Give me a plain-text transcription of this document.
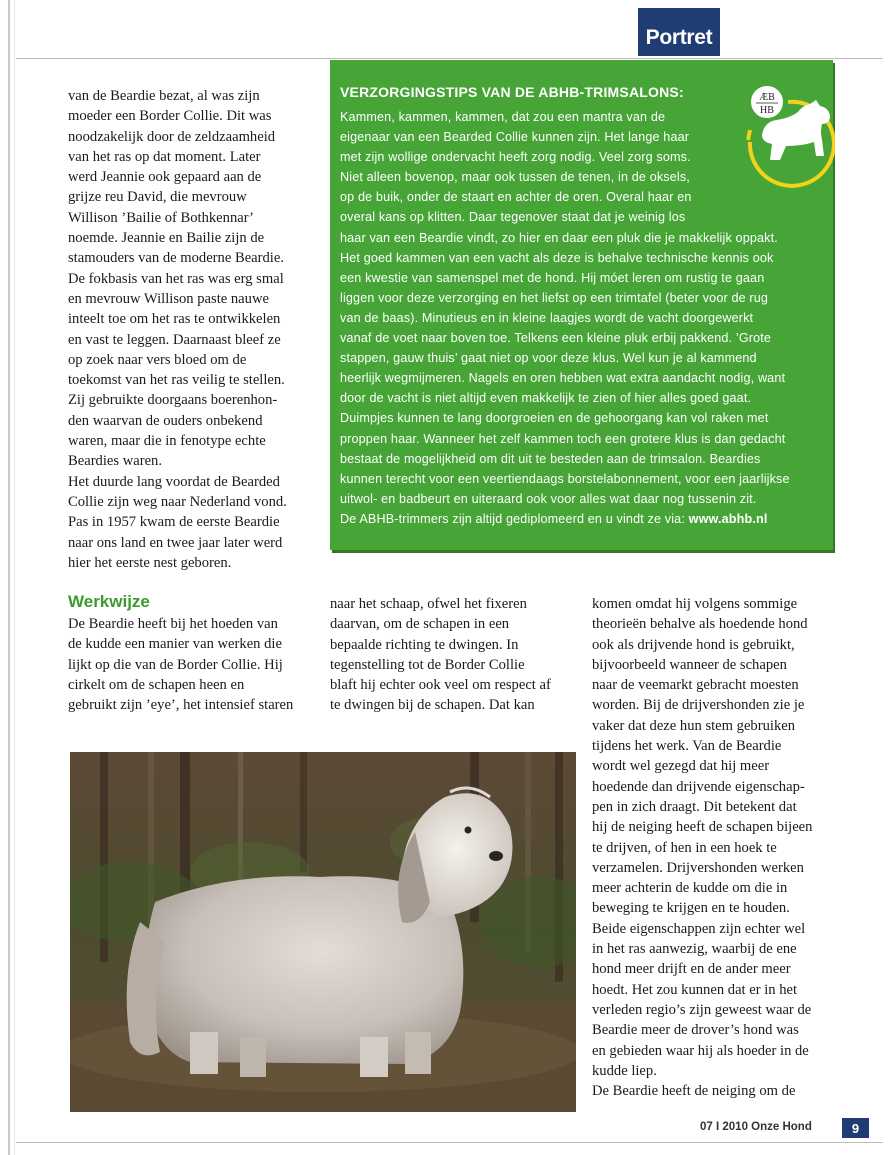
Portret
van de Beardie bezat, al was zijn
moeder een Border Collie. Dit was
noodzakelijk door de zeldzaamheid
van het ras op dat moment. Later
werd Jeannie ook gepaard aan de
grijze reu David, die mevrouw
Willison ’Bailie of Bothkennar’
noemde. Jeannie en Bailie zijn de
stamouders van de moderne Beardie.
De fokbasis van het ras was erg smal
en mevrouw Willison paste nauwe
inteelt toe om het ras te ontwikkelen
en vast te leggen. Daarnaast bleef ze
op zoek naar vers bloed om de
toekomst van het ras veilig te stellen.
Zij gebruikte doorgaans boerenhon-
den waarvan de ouders onbekend
waren, maar die in fenotype echte
Beardies waren.
Het duurde lang voordat de Bearded
Collie zijn weg naar Nederland vond.
Pas in 1957 kwam de eerste Beardie
naar ons land en twee jaar later werd
hier het eerste nest geboren.
VERZORGINGSTIPS VAN DE ABHB-TRIMSALONS:	ÆB
HB
Kammen, kammen, kammen, dat zou een mantra van de
eigenaar van een Bearded Collie kunnen zijn. Het lange haar
met zijn wollige ondervacht heeft zorg nodig. Veel zorg soms.
Niet alleen bovenop, maar ook tussen de tenen, in de oksels,
op de buik, onder de staart en achter de oren. Overal haar en
overal kans op klitten. Daar tegenover staat dat je weinig los
haar van een Beardie vindt, zo hier en daar een pluk die je makkelijk oppakt.
Het goed kammen van een vacht als deze is behalve technische kennis ook
een kwestie van samenspel met de hond. Hij móet leren om rustig te gaan
liggen voor deze verzorging en het liefst op een trimtafel (beter voor de rug
van de baas). Minutieus en in kleine laagjes wordt de vacht doorgewerkt
vanaf de voet naar boven toe. Telkens een kleine pluk erbij pakkend. ’Grote
stappen, gauw thuis’ gaat niet op voor deze klus. Wel kun je al kammend
heerlijk wegmijmeren. Nagels en oren hebben wat extra aandacht nodig, want
door de vacht is niet altijd even makkelijk te zien of hier alles goed gaat.
Duimpjes kunnen te lang doorgroeien en de gehoorgang kan vol raken met
proppen haar. Wanneer het zelf kammen toch een grotere klus is dan gedacht
bestaat de mogelijkheid om dit uit te besteden aan de trimsalon. Beardies
kunnen terecht voor een veertiendaags borstelabonnement, voor een jaarlijkse
uitwol- en badbeurt en uiteraard ook voor alles wat daar nog tussenin zit.
De ABHB-trimmers zijn altijd gediplomeerd en u vindt ze via: www.abhb.nl
Werkwijze
De Beardie heeft bij het hoeden van
de kudde een manier van werken die
lijkt op die van de Border Collie. Hij
cirkelt om de schapen heen en
gebruikt zijn ’eye’, het intensief staren
naar het schaap, ofwel het fixeren
daarvan, om de schapen in een
bepaalde richting te dwingen. In
tegenstelling tot de Border Collie
blaft hij echter ook veel om respect af
te dwingen bij de schapen. Dat kan
komen omdat hij volgens sommige
theorieën behalve als hoedende hond
ook als drijvende hond is gebruikt,
bijvoorbeeld wanneer de schapen
naar de veemarkt gebracht moesten
worden. Bij de drijvershonden zie je
vaker dat deze hun stem gebruiken
tijdens het werk. Van de Beardie
wordt wel gezegd dat hij meer
hoedende dan drijvende eigenschap-
pen in zich draagt. Dit betekent dat
hij de neiging heeft de schapen bijeen
te drijven, of hen in een hoek te
verzamelen. Drijvershonden werken
meer achterin de kudde om die in
beweging te krijgen en te houden.
Beide eigenschappen zijn echter wel
in het ras aanwezig, waarbij de ene
hond meer drijft en de ander meer
hoedt. Het zou kunnen dat er in het
verleden regio’s zijn geweest waar de
Beardie meer de drover’s hond was
en gebieden waar hij als hoeder in de
kudde liep.
De Beardie heeft de neiging om de
07 I 2010 Onze Hond	9
